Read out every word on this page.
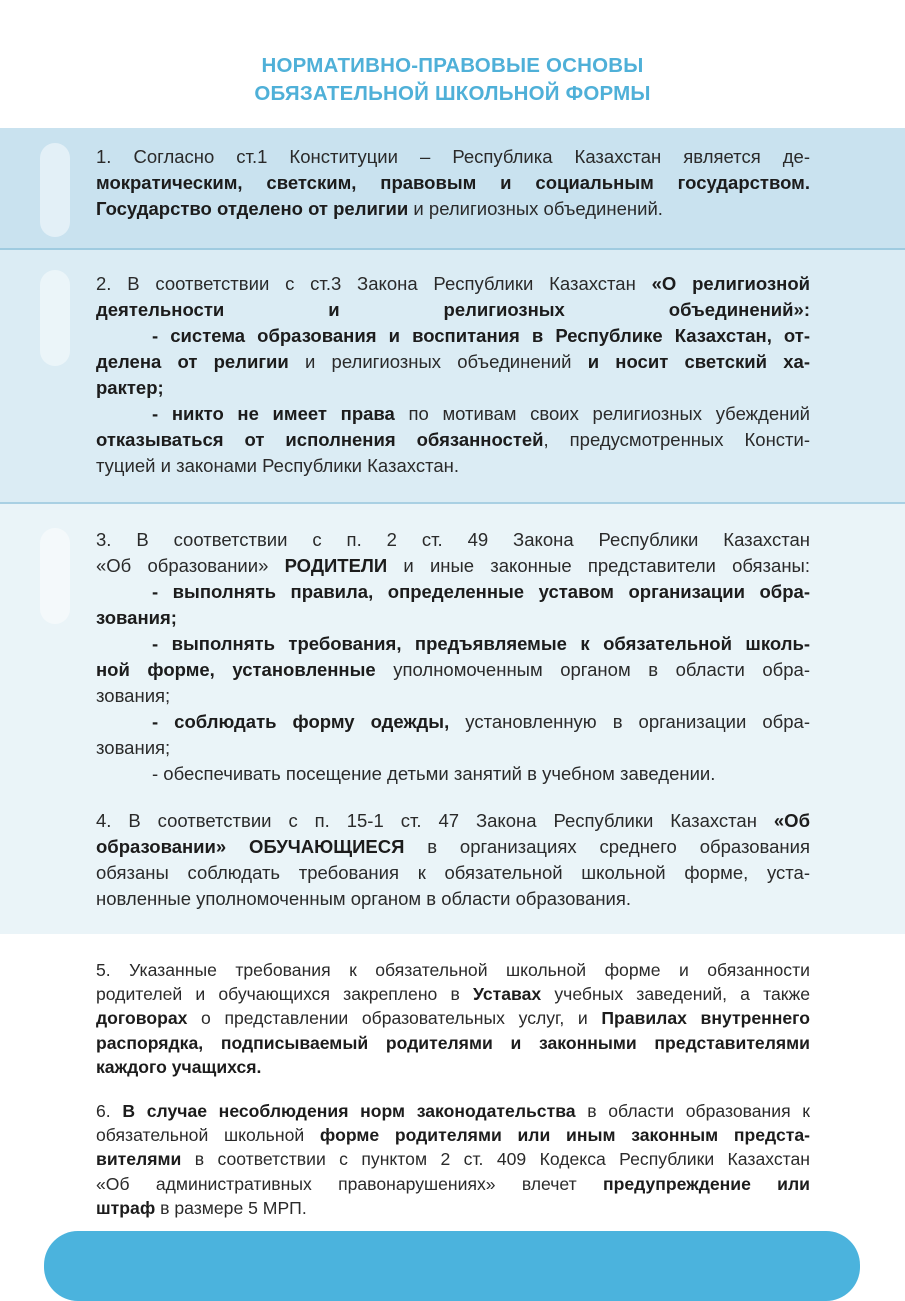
НОРМАТИВНО-ПРАВОВЫЕ ОСНОВЫ
ОБЯЗАТЕЛЬНОЙ ШКОЛЬНОЙ ФОРМЫ
1. Согласно ст.1 Конституции – Республика Казахстан является де-
мократическим, светским, правовым и социальным государством.
Государство отделено от религии и религиозных объединений.
2. В соответствии с ст.3 Закона Республики Казахстан «О религиозной
деятельности и религиозных объединений»:
- система образования и воспитания в Республике Казахстан, от-
делена от религии и религиозных объединений и носит светский ха-
рактер;
- никто не имеет права по мотивам своих религиозных убеждений
отказываться от исполнения обязанностей, предусмотренных Консти-
туцией и законами Республики Казахстан.
3. В соответствии с п. 2 ст. 49 Закона Республики Казахстан
«Об образовании» РОДИТЕЛИ и иные законные представители обязаны:
- выполнять правила, определенные уставом организации обра-
зования;
- выполнять требования, предъявляемые к обязательной школь-
ной форме, установленные уполномоченным органом в области обра-
зования;
- соблюдать форму одежды, установленную в организации обра-
зования;
- обеспечивать посещение детьми занятий в учебном заведении.
4. В соответствии с п. 15-1 ст. 47 Закона Республики Казахстан «Об
образовании» ОБУЧАЮЩИЕСЯ в организациях среднего образования
обязаны соблюдать требования к обязательной школьной форме, уста-
новленные уполномоченным органом в области образования.
5. Указанные требования к обязательной школьной форме и обязанности
родителей и обучающихся закреплено в Уставах учебных заведений, а также
договорах о представлении образовательных услуг, и Правилах внутреннего
распорядка, подписываемый родителями и законными представителями
каждого учащихся.
6. В случае несоблюдения норм законодательства в области образования к
обязательной школьной форме родителями или иным законным предста-
вителями в соответствии с пунктом 2 ст. 409 Кодекса Республики Казахстан
«Об административных правонарушениях» влечет предупреждение или
штраф в размере 5 МРП.
